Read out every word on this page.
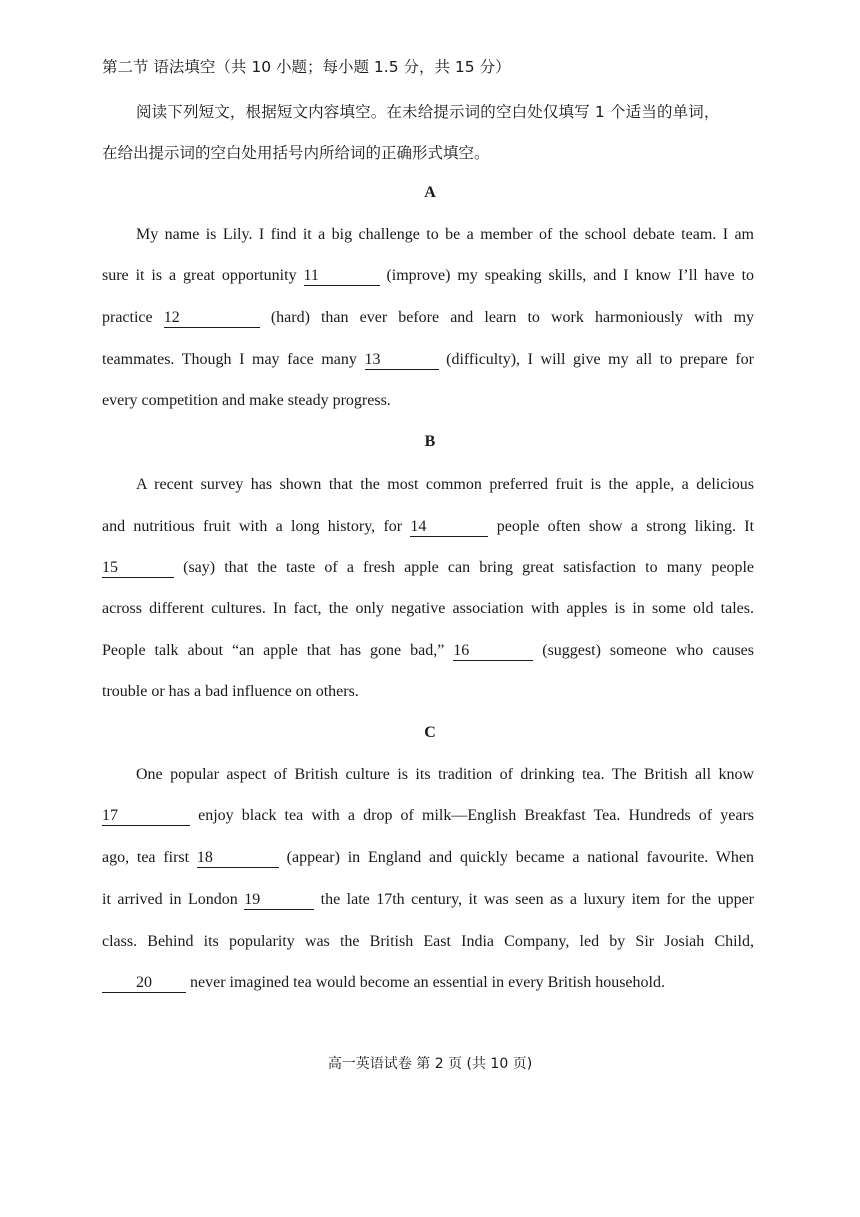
第二节 语法填空（共 10 小题；每小题 1.5 分，共 15 分）
阅读下列短文，根据短文内容填空。在未给提示词的空白处仅填写 1 个适当的单词，
在给出提示词的空白处用括号内所给词的正确形式填空。
A
My name is Lily. I find it a big challenge to be a member of the school debate team. I am
sure it is a great opportunity 11	(improve) my speaking skills, and I know I’ll have to
practice 12	(hard) than ever before and learn to work harmoniously with my
teammates. Though I may face many 13	(difficulty), I will give my all to prepare for
every competition and make steady progress.
B
A recent survey has shown that the most common preferred fruit is the apple, a delicious
and nutritious fruit with a long history, for 14	people often show a strong liking. It
15	(say) that the taste of a fresh apple can bring great satisfaction to many people
across different cultures. In fact, the only negative association with apples is in some old tales.
People talk about “an apple that has gone bad,” 16	(suggest) someone who causes
trouble or has a bad influence on others.
C
One popular aspect of British culture is its tradition of drinking tea. The British all know
17	enjoy black tea with a drop of milk—English Breakfast Tea. Hundreds of years
ago, tea first 18	(appear) in England and quickly became a national favourite. When
it arrived in London 19	the late 17th century, it was seen as a luxury item for the upper
class. Behind its popularity was the British East India Company, led by Sir Josiah Child,
20 never imagined tea would become an essential in every British household.
高一英语试卷 第 2 页 (共 10 页)
